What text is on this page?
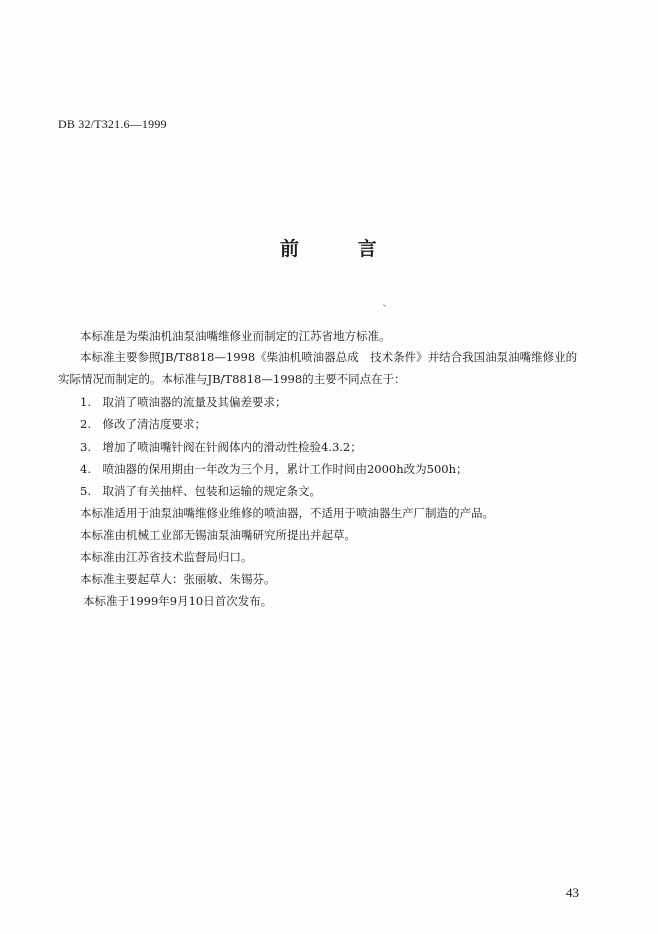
DB 32/T321.6—1999
前 言
本标准是为柴油机油泵油嘴维修业而制定的江苏省地方标准。
本标准主要参照JB/T8818—1998《柴油机喷油器总成　技术条件》并结合我国油泵油嘴维修业的
实际情况而制定的。本标准与JB/T8818—1998的主要不同点在于：
1.　取消了喷油器的流量及其偏差要求；
2.　修改了清洁度要求；
3.　增加了喷油嘴针阀在针阀体内的滑动性检验4.3.2；
4.　喷油器的保用期由一年改为三个月，累计工作时间由2000h改为500h；
5.　取消了有关抽样、包装和运输的规定条文。
本标准适用于油泵油嘴维修业维修的喷油器，不适用于喷油器生产厂制造的产品。
本标准由机械工业部无锡油泵油嘴研究所提出并起草。
本标准由江苏省技术监督局归口。
本标准主要起草人：张丽敏、朱锡芬。
本标准于1999年9月10日首次发布。
43
